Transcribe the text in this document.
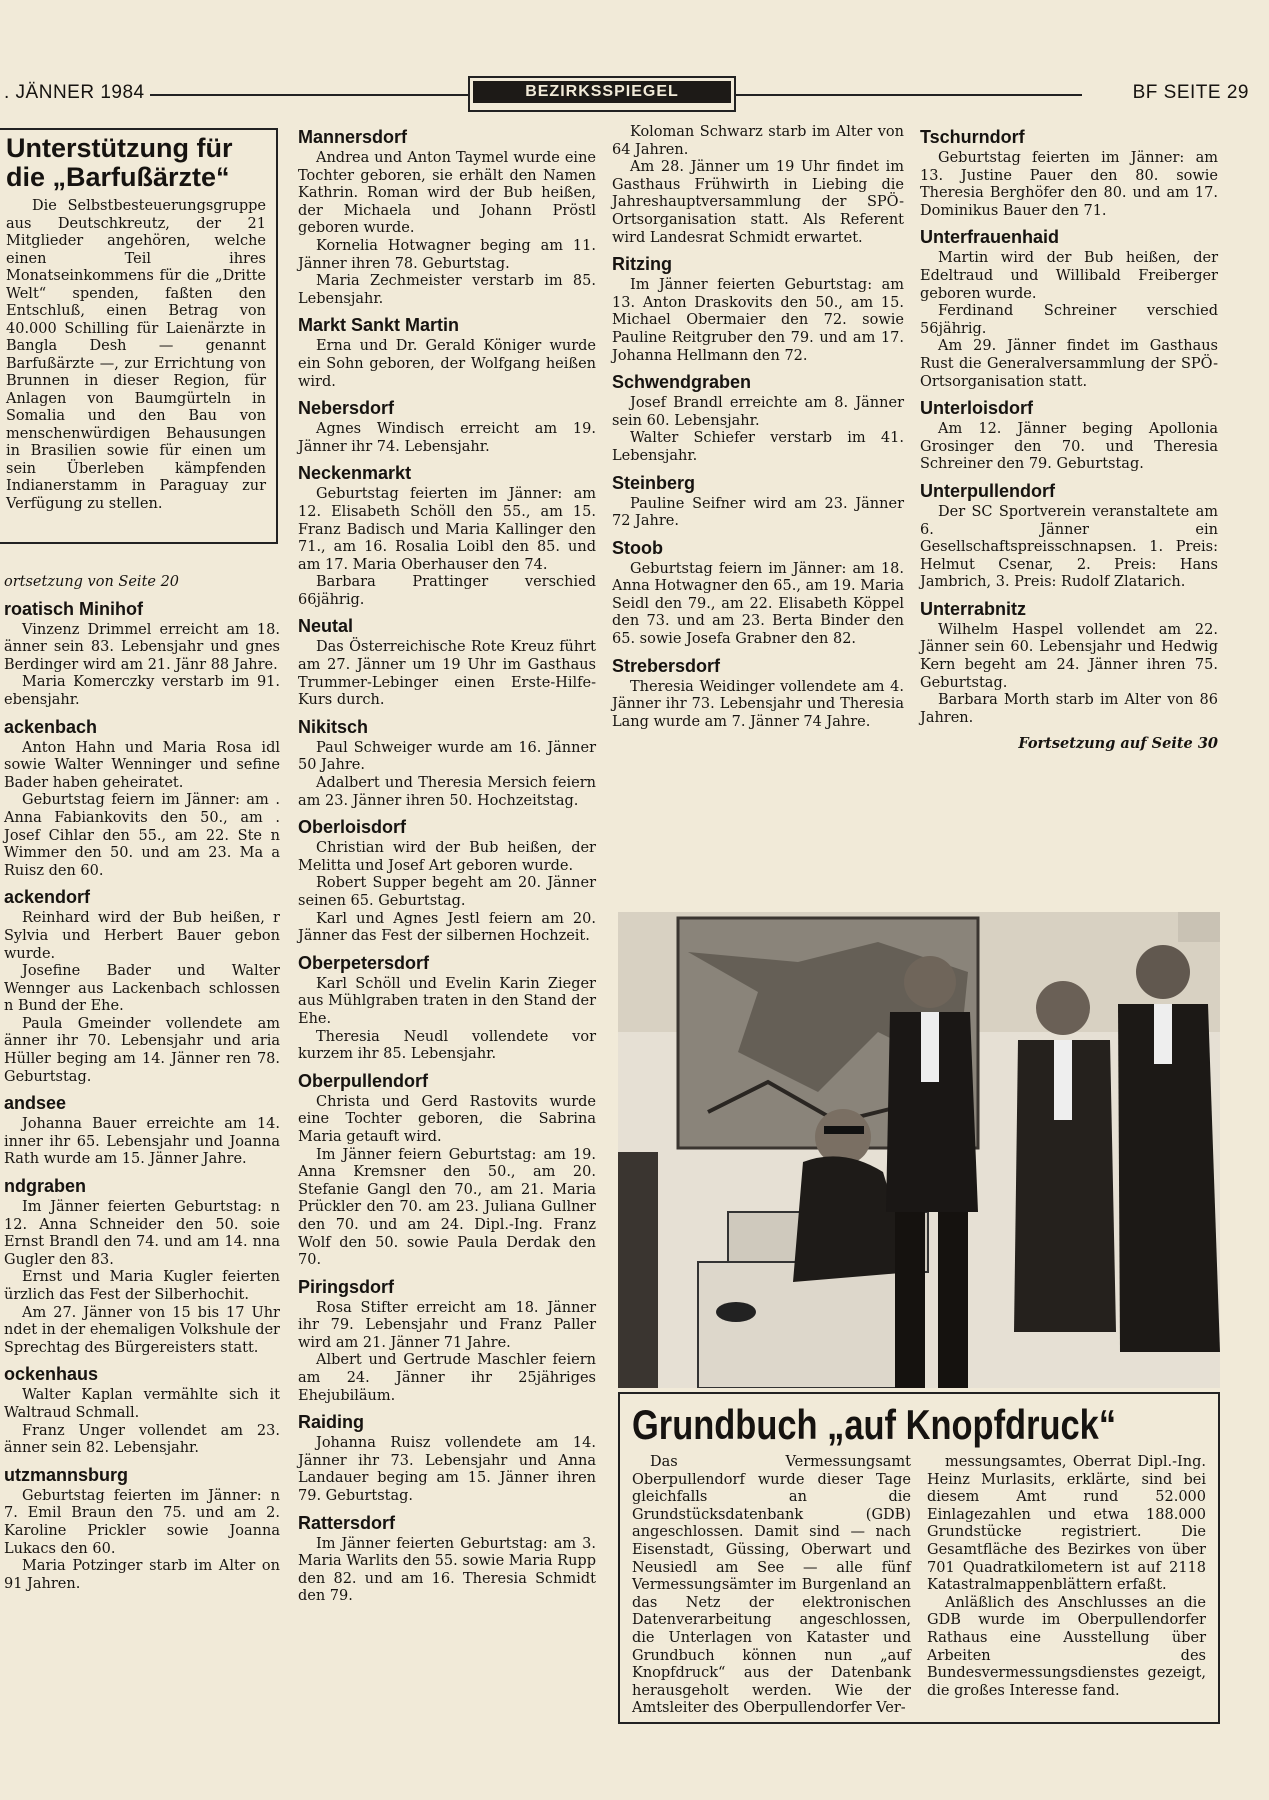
. JÄNNER 1984	BEZIRKSSPIEGEL	BF SEITE 29
Unterstützung für
die „Barfußärzte“

Die Selbstbesteuerungsgruppe aus Deutschkreutz, der 21 Mitglieder angehören, welche einen Teil ihres Monatseinkommens für die „Dritte Welt“ spenden, faßten den Entschluß, einen Betrag von 40.000 Schilling für Laienärzte in Bangla Desh — genannt Barfußärzte —, zur Errichtung von Brunnen in dieser Region, für Anlagen von Baumgürteln in Somalia und den Bau von menschenwürdigen Behausungen in Brasilien sowie für einen um sein Überleben kämpfenden Indianerstamm in Paraguay zur Verfügung zu stellen.

ortsetzung von Seite 20

roatisch Minihof

Vinzenz Drimmel erreicht am 18. änner sein 83. Lebensjahr und gnes Berdinger wird am 21. Jänr 88 Jahre.

Maria Komerczky verstarb im 91. ebensjahr.

ackenbach

Anton Hahn und Maria Rosa idl sowie Walter Wenninger und sefine Bader haben geheiratet.

Geburtstag feiern im Jänner: am . Anna Fabiankovits den 50., am . Josef Cihlar den 55., am 22. Ste n Wimmer den 50. und am 23. Ma a Ruisz den 60.

ackendorf

Reinhard wird der Bub heißen, r Sylvia und Herbert Bauer gebon wurde.

Josefine Bader und Walter Wennger aus Lackenbach schlossen n Bund der Ehe.

Paula Gmeinder vollendete am änner ihr 70. Lebensjahr und aria Hüller beging am 14. Jänner ren 78. Geburtstag.

andsee

Johanna Bauer erreichte am 14. inner ihr 65. Lebensjahr und Joanna Rath wurde am 15. Jänner Jahre.

ndgraben

Im Jänner feierten Geburtstag: n 12. Anna Schneider den 50. soie Ernst Brandl den 74. und am 14. nna Gugler den 83.

Ernst und Maria Kugler feierten ürzlich das Fest der Silberhochit.

Am 27. Jänner von 15 bis 17 Uhr ndet in der ehemaligen Volkshule der Sprechtag des Bürgereisters statt.

ockenhaus

Walter Kaplan vermählte sich it Waltraud Schmall.

Franz Unger vollendet am 23. änner sein 82. Lebensjahr.

utzmannsburg

Geburtstag feierten im Jänner: n 7. Emil Braun den 75. und am 2. Karoline Prickler sowie Joanna Lukacs den 60.

Maria Potzinger starb im Alter on 91 Jahren.

Mannersdorf

Andrea und Anton Taymel wurde eine Tochter geboren, sie erhält den Namen Kathrin. Roman wird der Bub heißen, der Michaela und Johann Pröstl geboren wurde.

Kornelia Hotwagner beging am 11. Jänner ihren 78. Geburtstag.

Maria Zechmeister verstarb im 85. Lebensjahr.

Markt Sankt Martin

Erna und Dr. Gerald Königer wurde ein Sohn geboren, der Wolfgang heißen wird.

Nebersdorf

Agnes Windisch erreicht am 19. Jänner ihr 74. Lebensjahr.

Neckenmarkt

Geburtstag feierten im Jänner: am 12. Elisabeth Schöll den 55., am 15. Franz Badisch und Maria Kallinger den 71., am 16. Rosalia Loibl den 85. und am 17. Maria Oberhauser den 74.

Barbara Prattinger verschied 66jährig.

Neutal

Das Österreichische Rote Kreuz führt am 27. Jänner um 19 Uhr im Gasthaus Trummer-Lebinger einen Erste-Hilfe-Kurs durch.

Nikitsch

Paul Schweiger wurde am 16. Jänner 50 Jahre.

Adalbert und Theresia Mersich feiern am 23. Jänner ihren 50. Hochzeitstag.

Oberloisdorf

Christian wird der Bub heißen, der Melitta und Josef Art geboren wurde.

Robert Supper begeht am 20. Jänner seinen 65. Geburtstag.

Karl und Agnes Jestl feiern am 20. Jänner das Fest der silbernen Hochzeit.

Oberpetersdorf

Karl Schöll und Evelin Karin Zieger aus Mühlgraben traten in den Stand der Ehe.

Theresia Neudl vollendete vor kurzem ihr 85. Lebensjahr.

Oberpullendorf

Christa und Gerd Rastovits wurde eine Tochter geboren, die Sabrina Maria getauft wird.

Im Jänner feiern Geburtstag: am 19. Anna Kremsner den 50., am 20. Stefanie Gangl den 70., am 21. Maria Prückler den 70. am 23. Juliana Gullner den 70. und am 24. Dipl.-Ing. Franz Wolf den 50. sowie Paula Derdak den 70.

Piringsdorf

Rosa Stifter erreicht am 18. Jänner ihr 79. Lebensjahr und Franz Paller wird am 21. Jänner 71 Jahre.

Albert und Gertrude Maschler feiern am 24. Jänner ihr 25jähriges Ehejubiläum.

Raiding

Johanna Ruisz vollendete am 14. Jänner ihr 73. Lebensjahr und Anna Landauer beging am 15. Jänner ihren 79. Geburtstag.

Rattersdorf

Im Jänner feierten Geburtstag: am 3. Maria Warlits den 55. sowie Maria Rupp den 82. und am 16. Theresia Schmidt den 79.

Koloman Schwarz starb im Alter von 64 Jahren.

Am 28. Jänner um 19 Uhr findet im Gasthaus Frühwirth in Liebing die Jahreshauptversammlung der SPÖ-Ortsorganisation statt. Als Referent wird Landesrat Schmidt erwartet.

Ritzing

Im Jänner feierten Geburtstag: am 13. Anton Draskovits den 50., am 15. Michael Obermaier den 72. sowie Pauline Reitgruber den 79. und am 17. Johanna Hellmann den 72.

Schwendgraben

Josef Brandl erreichte am 8. Jänner sein 60. Lebensjahr.

Walter Schiefer verstarb im 41. Lebensjahr.

Steinberg

Pauline Seifner wird am 23. Jänner 72 Jahre.

Stoob

Geburtstag feiern im Jänner: am 18. Anna Hotwagner den 65., am 19. Maria Seidl den 79., am 22. Elisabeth Köppel den 73. und am 23. Berta Binder den 65. sowie Josefa Grabner den 82.

Strebersdorf

Theresia Weidinger vollendete am 4. Jänner ihr 73. Lebensjahr und Theresia Lang wurde am 7. Jänner 74 Jahre.

Tschurndorf

Geburtstag feierten im Jänner: am 13. Justine Pauer den 80. sowie Theresia Berghöfer den 80. und am 17. Dominikus Bauer den 71.

Unterfrauenhaid

Martin wird der Bub heißen, der Edeltraud und Willibald Freiberger geboren wurde.

Ferdinand Schreiner verschied 56jährig.

Am 29. Jänner findet im Gasthaus Rust die Generalversammlung der SPÖ-Ortsorganisation statt.

Unterloisdorf

Am 12. Jänner beging Apollonia Grosinger den 70. und Theresia Schreiner den 79. Geburtstag.

Unterpullendorf

Der SC Sportverein veranstaltete am 6. Jänner ein Gesellschaftspreisschnapsen. 1. Preis: Helmut Csenar, 2. Preis: Hans Jambrich, 3. Preis: Rudolf Zlatarich.

Unterrabnitz

Wilhelm Haspel vollendet am 22. Jänner sein 60. Lebensjahr und Hedwig Kern begeht am 24. Jänner ihren 75. Geburtstag.

Barbara Morth starb im Alter von 86 Jahren.

Fortsetzung auf Seite 30

Grundbuch „auf Knopfdruck“

Das Vermessungsamt Oberpullendorf wurde dieser Tage gleichfalls an die Grundstücksdatenbank (GDB) angeschlossen. Damit sind — nach Eisenstadt, Güssing, Oberwart und Neusiedl am See — alle fünf Vermessungsämter im Burgenland an das Netz der elektronischen Datenverarbeitung angeschlossen, die Unterlagen von Kataster und Grundbuch können nun „auf Knopfdruck“ aus der Datenbank herausgeholt werden. Wie der Amtsleiter des Oberpullendorfer Ver-

messungsamtes, Oberrat Dipl.-Ing. Heinz Murlasits, erklärte, sind bei diesem Amt rund 52.000 Einlagezahlen und etwa 188.000 Grundstücke registriert. Die Gesamtfläche des Bezirkes von über 701 Quadratkilometern ist auf 2118 Katastralmappenblättern erfaßt.

Anläßlich des Anschlusses an die GDB wurde im Oberpullendorfer Rathaus eine Ausstellung über Arbeiten des Bundesvermessungsdienstes gezeigt, die großes Interesse fand.
